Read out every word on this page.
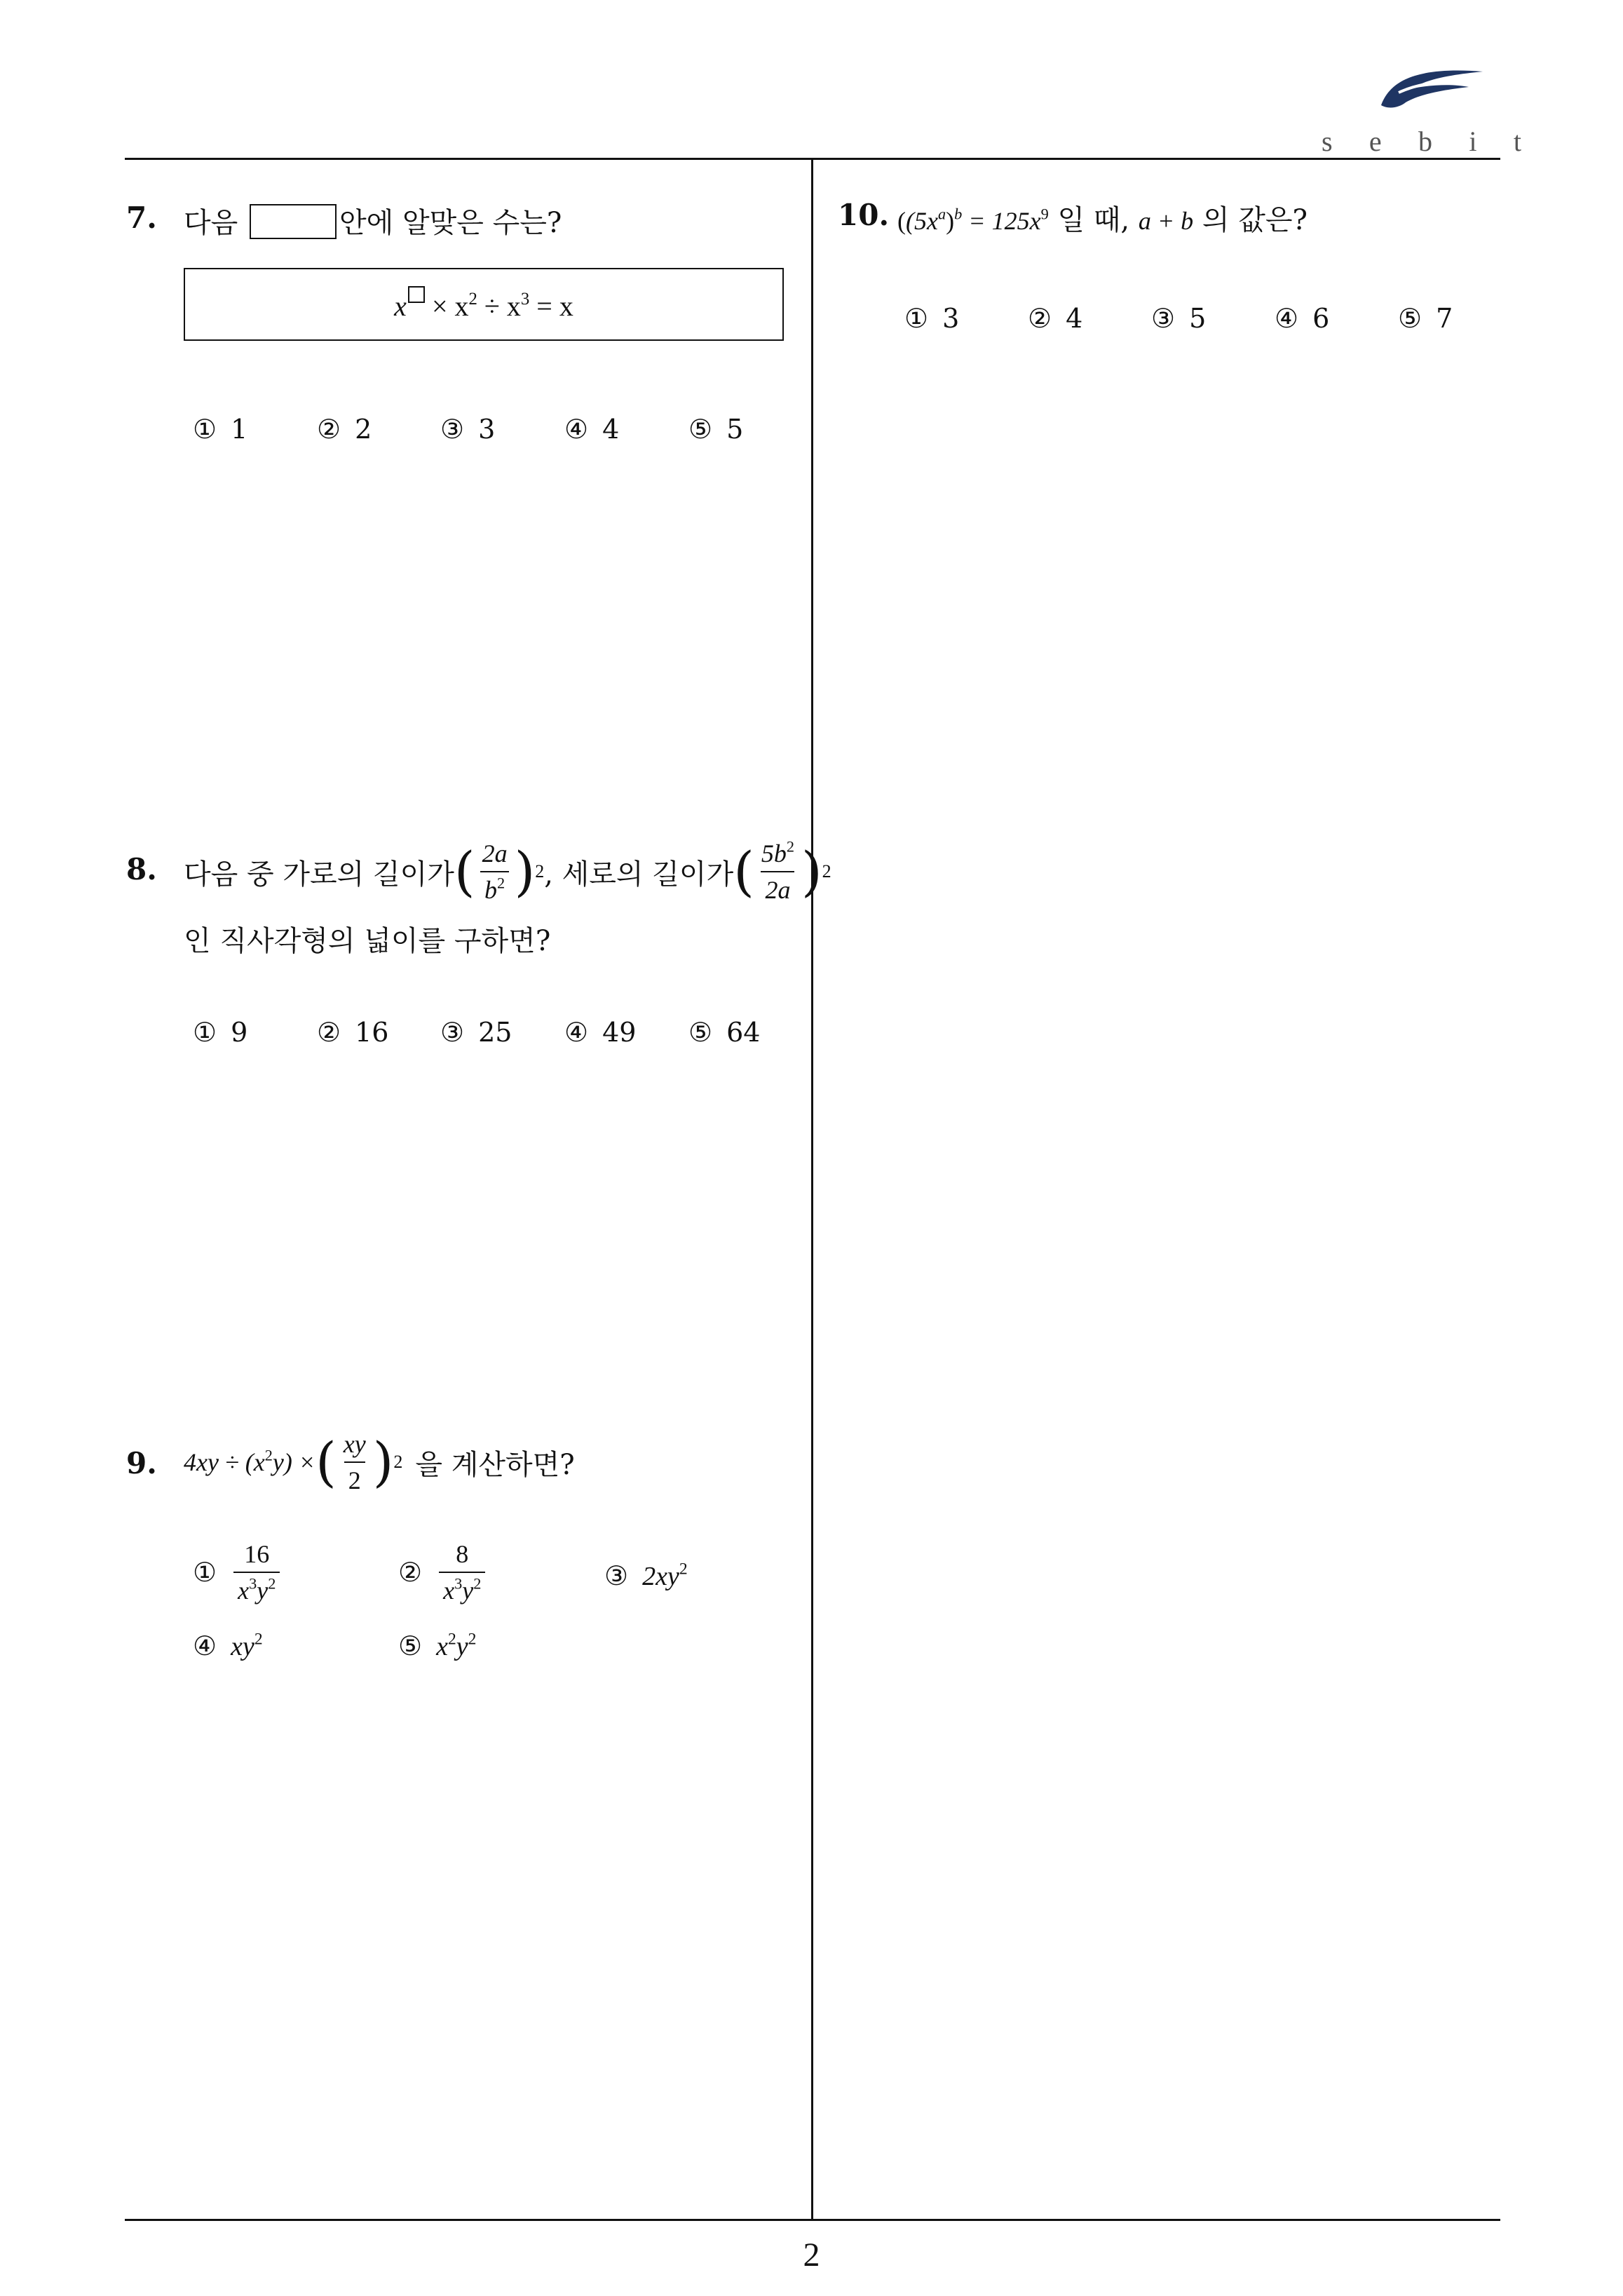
s e b i t
7. 다음	안에 알맞은 수는?
$x \times x^2 \div x^3 = x$
① 1	② 2	③ 3	④ 4	⑤ 5
8. 다음 중 가로의 길이가 ( $\frac{2a}{b^2}$ ) 2 , 세로의 길이가 ( $\frac{5b^2}{2a}$ ) 2
인 직사각형의 넓이를 구하면?
① 9	② 16 ③ 25 ④ 49 ⑤ 64
9. $4xy \div (x^2y)$ × ( $\frac{xy}{2}$ ) 2 을 계산하면?
① $\frac{16}{x^3y^2}$	② $\frac{8}{x^3y^2}$	③ $2xy^2$
④ $xy^2$	⑤ $x^2y^2$
10. ($(5x^a)^b = 125x^9$ 일 때, a + b 의 값은?
① 3	② 4	③ 5	④ 6	⑤ 7
2
